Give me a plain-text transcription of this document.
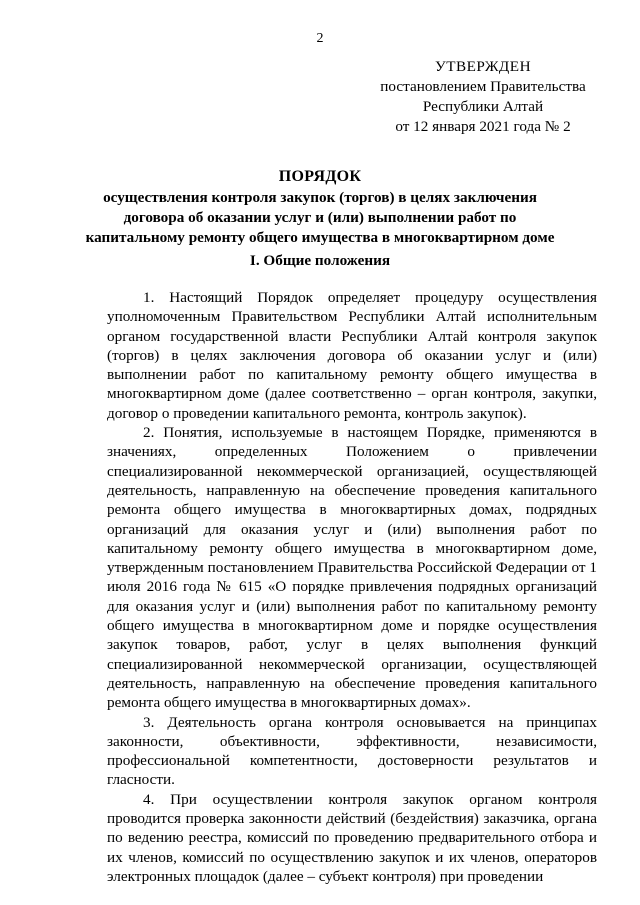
2
УТВЕРЖДЕН
постановлением Правительства
Республики Алтай
от 12 января 2021 года № 2
ПОРЯДОК
осуществления контроля закупок (торгов) в целях заключения
договора об оказании услуг и (или) выполнении работ по
капитальному ремонту общего имущества в многоквартирном доме
I. Общие положения

1. Настоящий Порядок определяет процедуру осуществления уполномоченным Правительством Республики Алтай исполнительным органом государственной власти Республики Алтай контроля закупок (торгов) в целях заключения договора об оказании услуг и (или) выполнении работ по капитальному ремонту общего имущества в многоквартирном доме (далее соответственно – орган контроля, закупки, договор о проведении капитального ремонта, контроль закупок).

2. Понятия, используемые в настоящем Порядке, применяются в значениях, определенных Положением о привлечении специализированной некоммерческой организацией, осуществляющей деятельность, направленную на обеспечение проведения капитального ремонта общего имущества в многоквартирных домах, подрядных организаций для оказания услуг и (или) выполнения работ по капитальному ремонту общего имущества в многоквартирном доме, утвержденным постановлением Правительства Российской Федерации от 1 июля 2016 года № 615 «О порядке привлечения подрядных организаций для оказания услуг и (или) выполнения работ по капитальному ремонту общего имущества в многоквартирном доме и порядке осуществления закупок товаров, работ, услуг в целях выполнения функций специализированной некоммерческой организации, осуществляющей деятельность, направленную на обеспечение проведения капитального ремонта общего имущества в многоквартирных домах».

3. Деятельность органа контроля основывается на принципах законности, объективности, эффективности, независимости, профессиональной компетентности, достоверности результатов и гласности.

4. При осуществлении контроля закупок органом контроля проводится проверка законности действий (бездействия) заказчика, органа по ведению реестра, комиссий по проведению предварительного отбора и их членов, комиссий по осуществлению закупок и их членов, операторов электронных площадок (далее – субъект контроля) при проведении
